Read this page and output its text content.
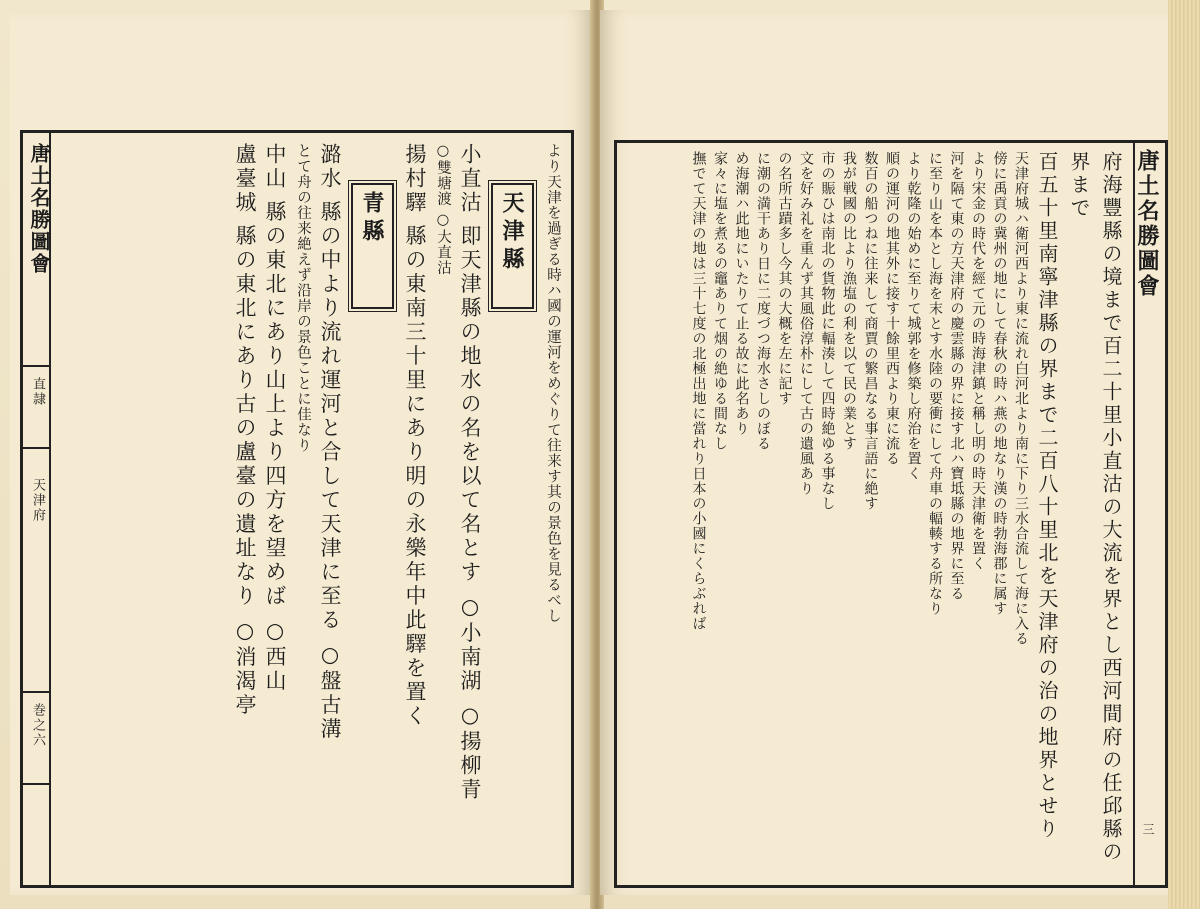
唐土名勝圖會
直隷
天津府
巻之六
より天津を過ぎる時ハ國の運河をめぐりて往来す其の景色を見るべし
天津縣
小直沽 即天津縣の地水の名を以て名とす ○小南湖 ○揚柳青
○雙塘渡 ○大直沽
揚村驛 縣の東南三十里にあり明の永樂年中此驛を置く
青縣
潞水 縣の中より流れ運河と合して天津に至る ○盤古溝
とて舟の往来絶えず沿岸の景色ことに佳なり
中山 縣の東北にあり山上より四方を望めば ○西山
盧臺城 縣の東北にあり古の盧臺の遺址なり ○消渴亭
唐土名勝圖會
三
府海豐縣の境まで百二十里小直沽の大流を界とし西河間府の任邱縣の界まで
百五十里南寧津縣の界まで二百八十里北を天津府の治の地界とせり
天津府城ハ衛河西より東に流れ白河北より南に下り三水合流して海に入る
傍に禹貢の冀州の地にして春秋の時ハ燕の地なり漢の時勃海郡に属す
より宋金の時代を經て元の時海津鎮と稱し明の時天津衛を置く
河を隔て東の方天津府の慶雲縣の界に接す北ハ寶坻縣の地界に至る
に至り山を本とし海を末とす水陸の要衝にして舟車の輻輳する所なり
より乾隆の始めに至りて城郭を修築し府治を置く
順の運河の地其外に接す十餘里西より東に流る
数百の船つねに往来して商賈の繁昌なる事言語に絶す
我が戦國の比より漁塩の利を以て民の業とす
市の賑ひは南北の貨物此に輻湊して四時絶ゆる事なし
文を好み礼を重んず其風俗淳朴にして古の遺風あり
の名所古蹟多し今其の大概を左に記す
に潮の満干あり日に二度づつ海水さしのぼる
め海潮ハ此地にいたりて止る故に此名あり
家々に塩を煮るの竈ありて烟の絶ゆる間なし
撫でて天津の地は三十七度の北極出地に當れり日本の小國にくらぶれば
